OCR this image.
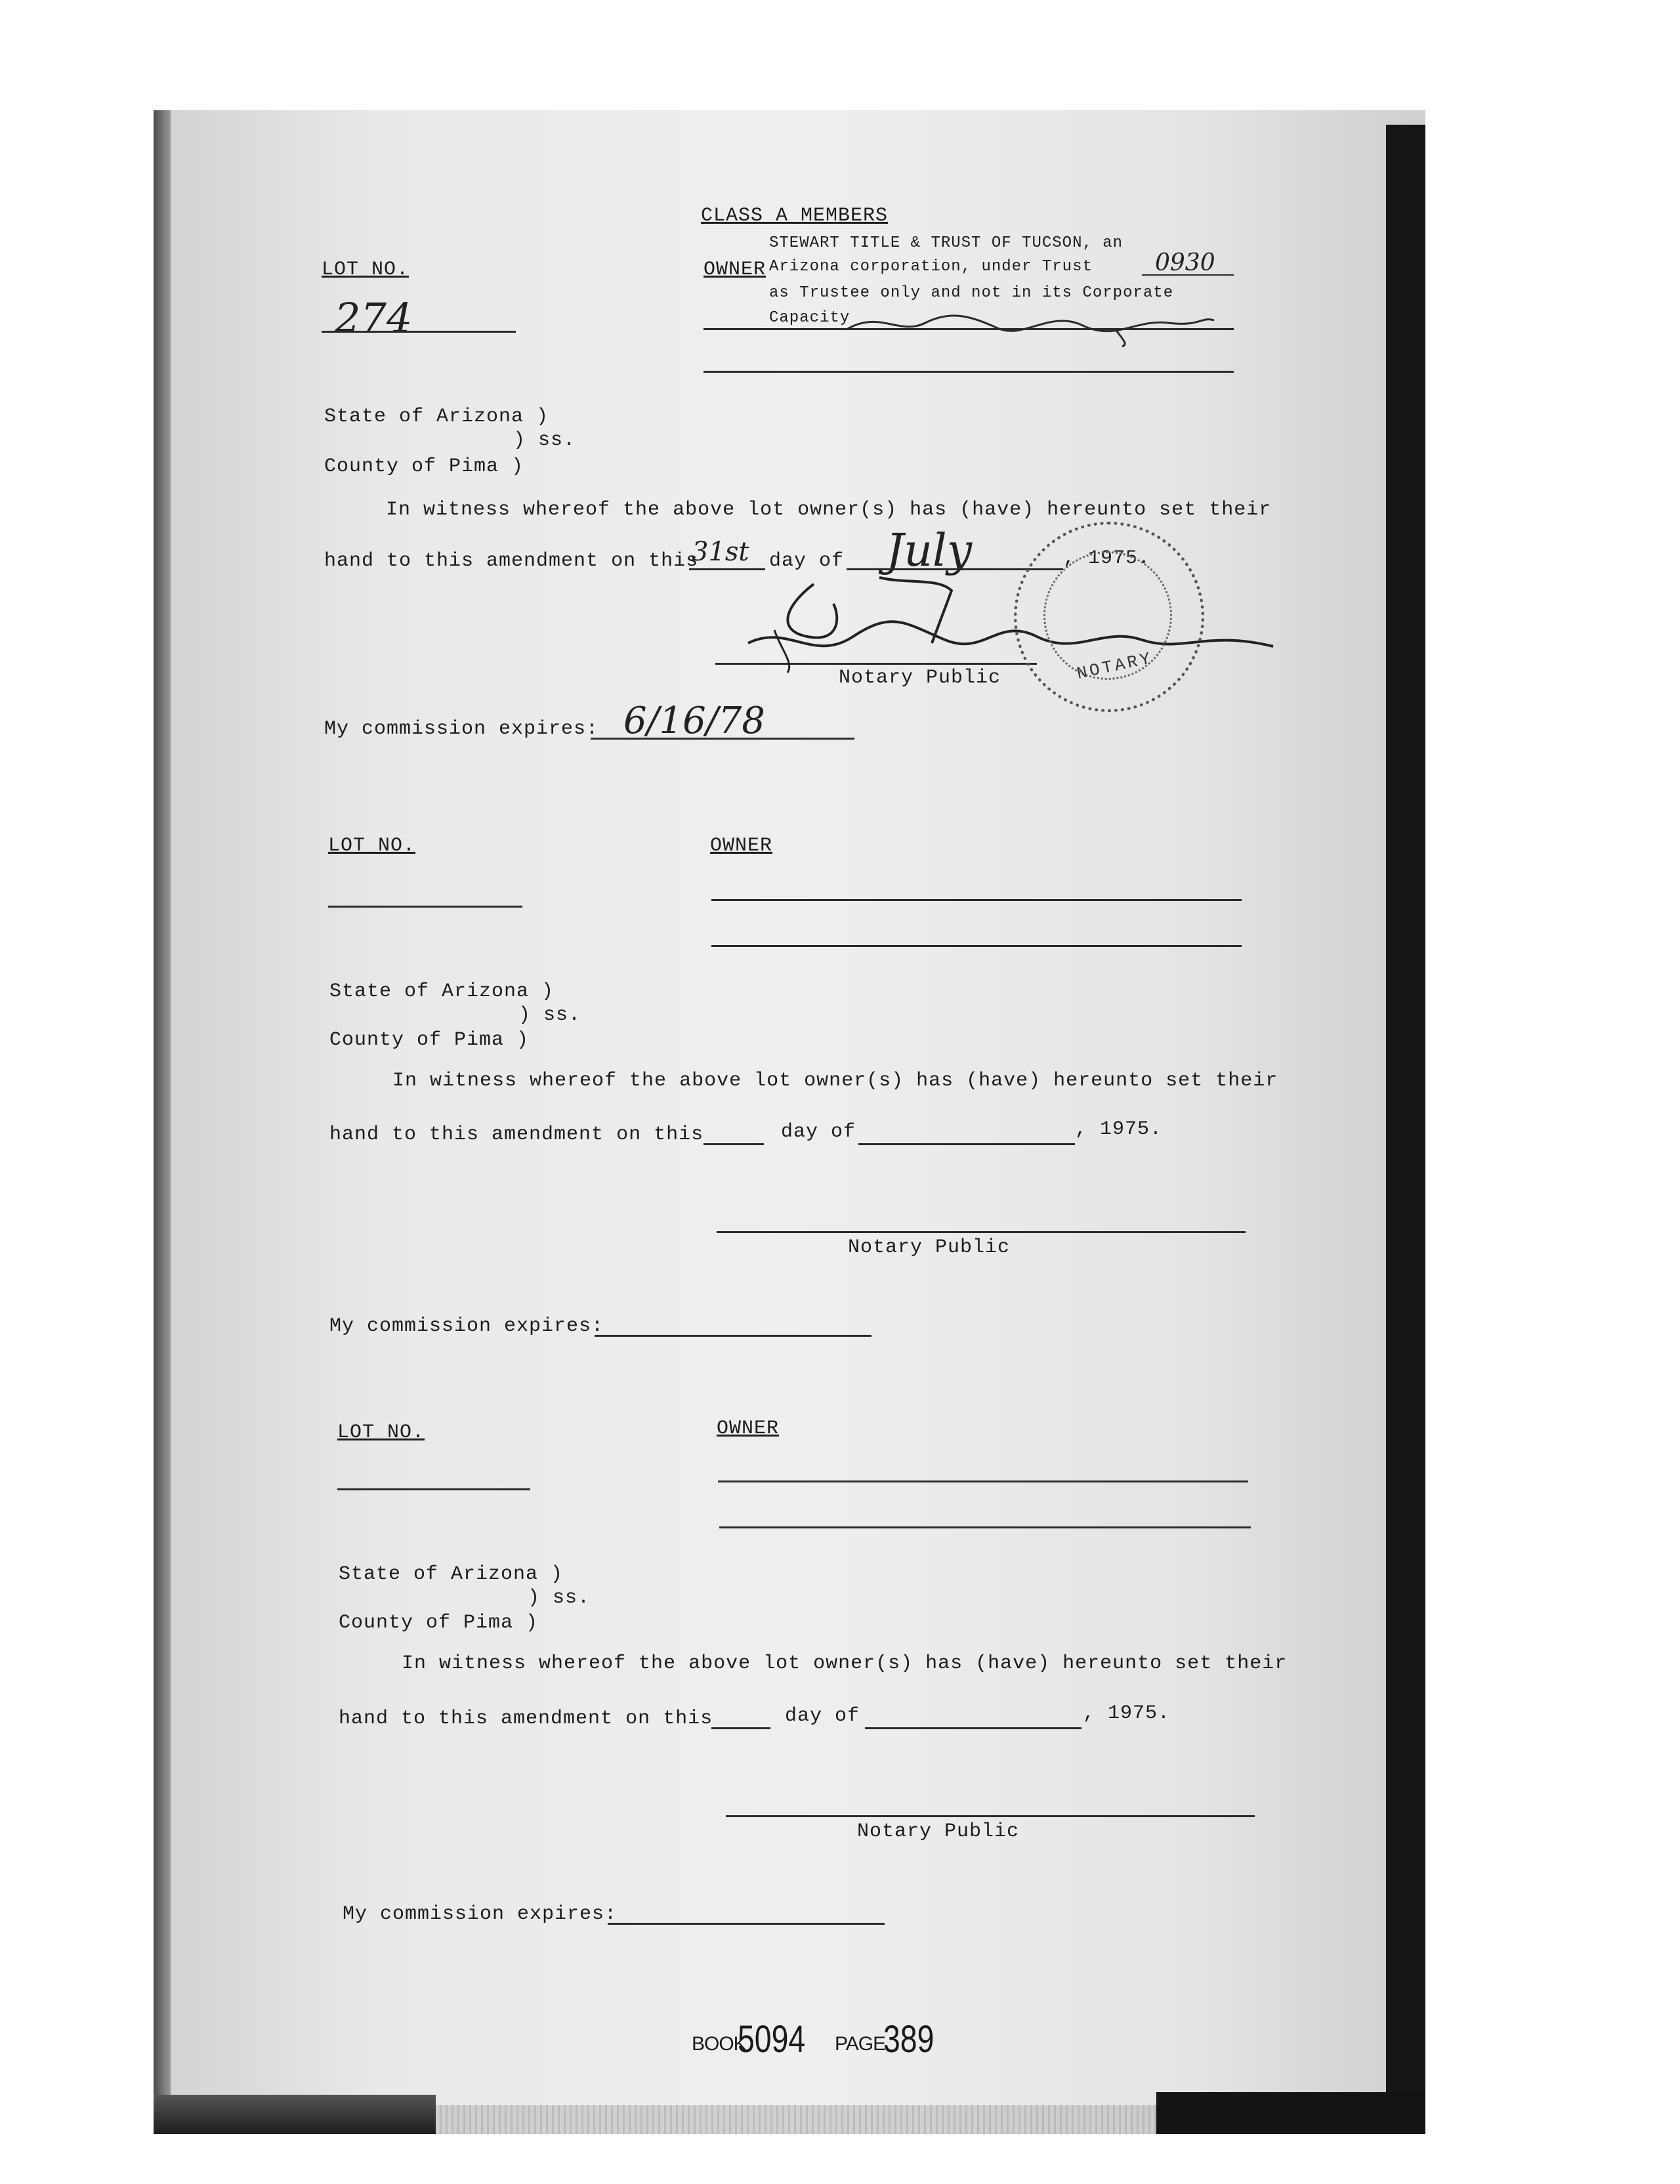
CLASS A MEMBERS
LOT NO.	OWNER
STEWART TITLE & TRUST OF TUCSON, an
Arizona corporation, under Trust	0930
as Trustee only and not in its Corporate
Capacity
274
State of Arizona )
) ss.
County of Pima )
In witness whereof the above lot owner(s) has (have) hereunto set their
hand to this amendment on this
31st day of July	, 1975.
Notary Public	NOTARY
My commission expires: 6/16/78
LOT NO.	OWNER
State of Arizona )
) ss.
County of Pima )
In witness whereof the above lot owner(s) has (have) hereunto set their
hand to this amendment on this	day of	, 1975.
Notary Public
My commission expires:
LOT NO.	OWNER
State of Arizona )
) ss.
County of Pima )
In witness whereof the above lot owner(s) has (have) hereunto set their
hand to this amendment on this	day of	, 1975.
Notary Public
My commission expires:
BOOK
5094 PAGE
389
